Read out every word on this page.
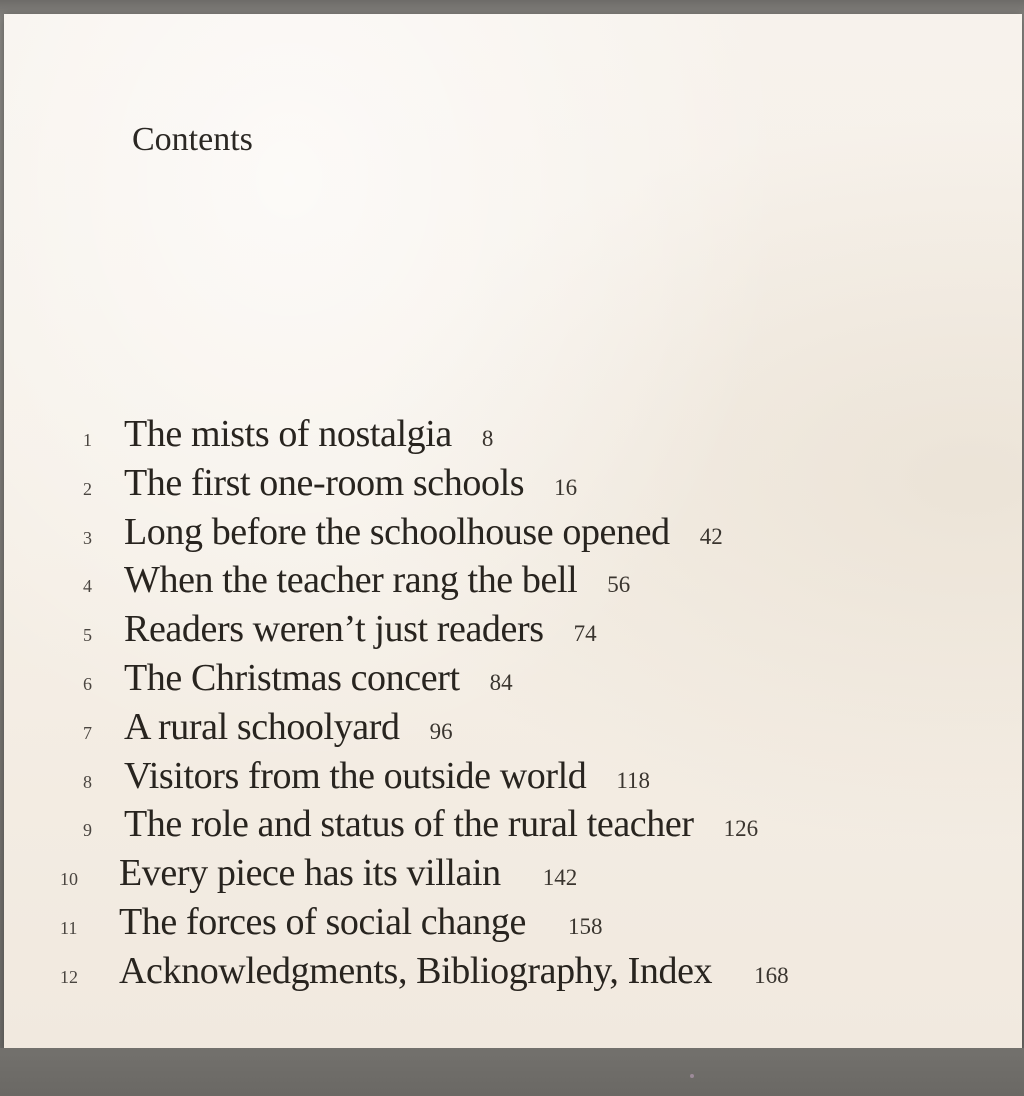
Contents
1 The mists of nostalgia 8
2 The first one-room schools 16
3 Long before the schoolhouse opened 42
4 When the teacher rang the bell 56
5 Readers weren’t just readers 74
6 The Christmas concert 84
7 A rural schoolyard 96
8 Visitors from the outside world 118
9 The role and status of the rural teacher 126
10	Every piece has its villain 142
11	The forces of social change 158
12	Acknowledgments, Bibliography, Index 168
